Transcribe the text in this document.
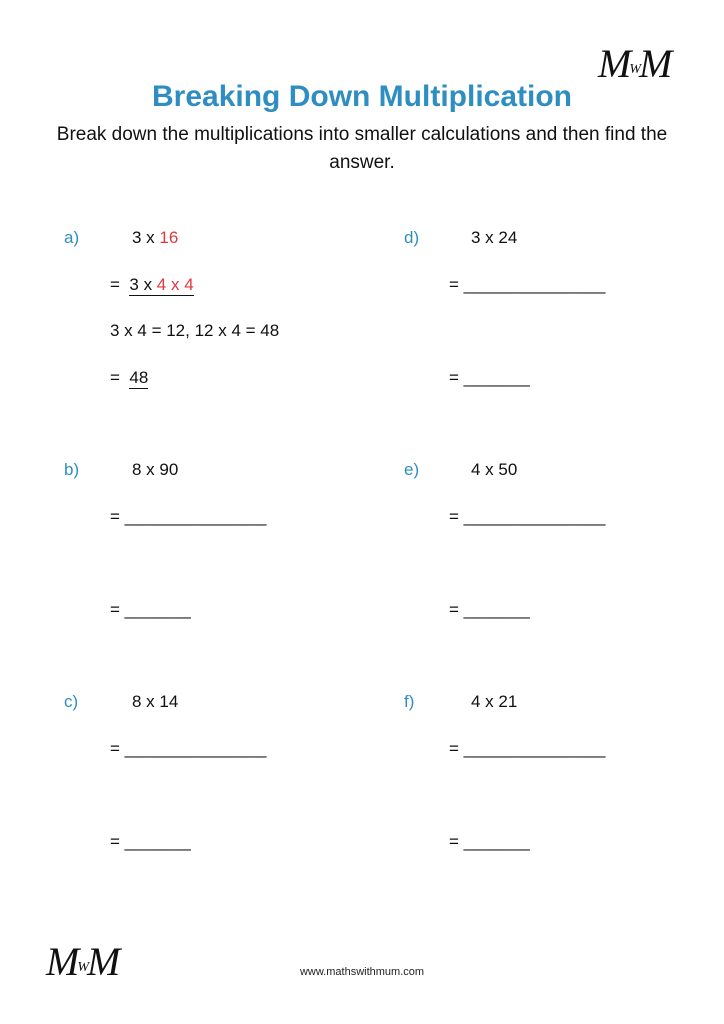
MWM
Breaking Down Multiplication
Break down the multiplications into smaller calculations and then find the answer.
a)	3 x 16
= 3 x 4 x 4
3 x 4 = 12, 12 x 4 = 48
= 48
d)	3 x 24
= _______________
= _______
b)	8 x 90
= _______________
= _______
e)	4 x 50
= _______________
= _______
c)	8 x 14
= _______________
= _______
f)	4 x 21
= _______________
= _______
MWM	www.mathswithmum.com
